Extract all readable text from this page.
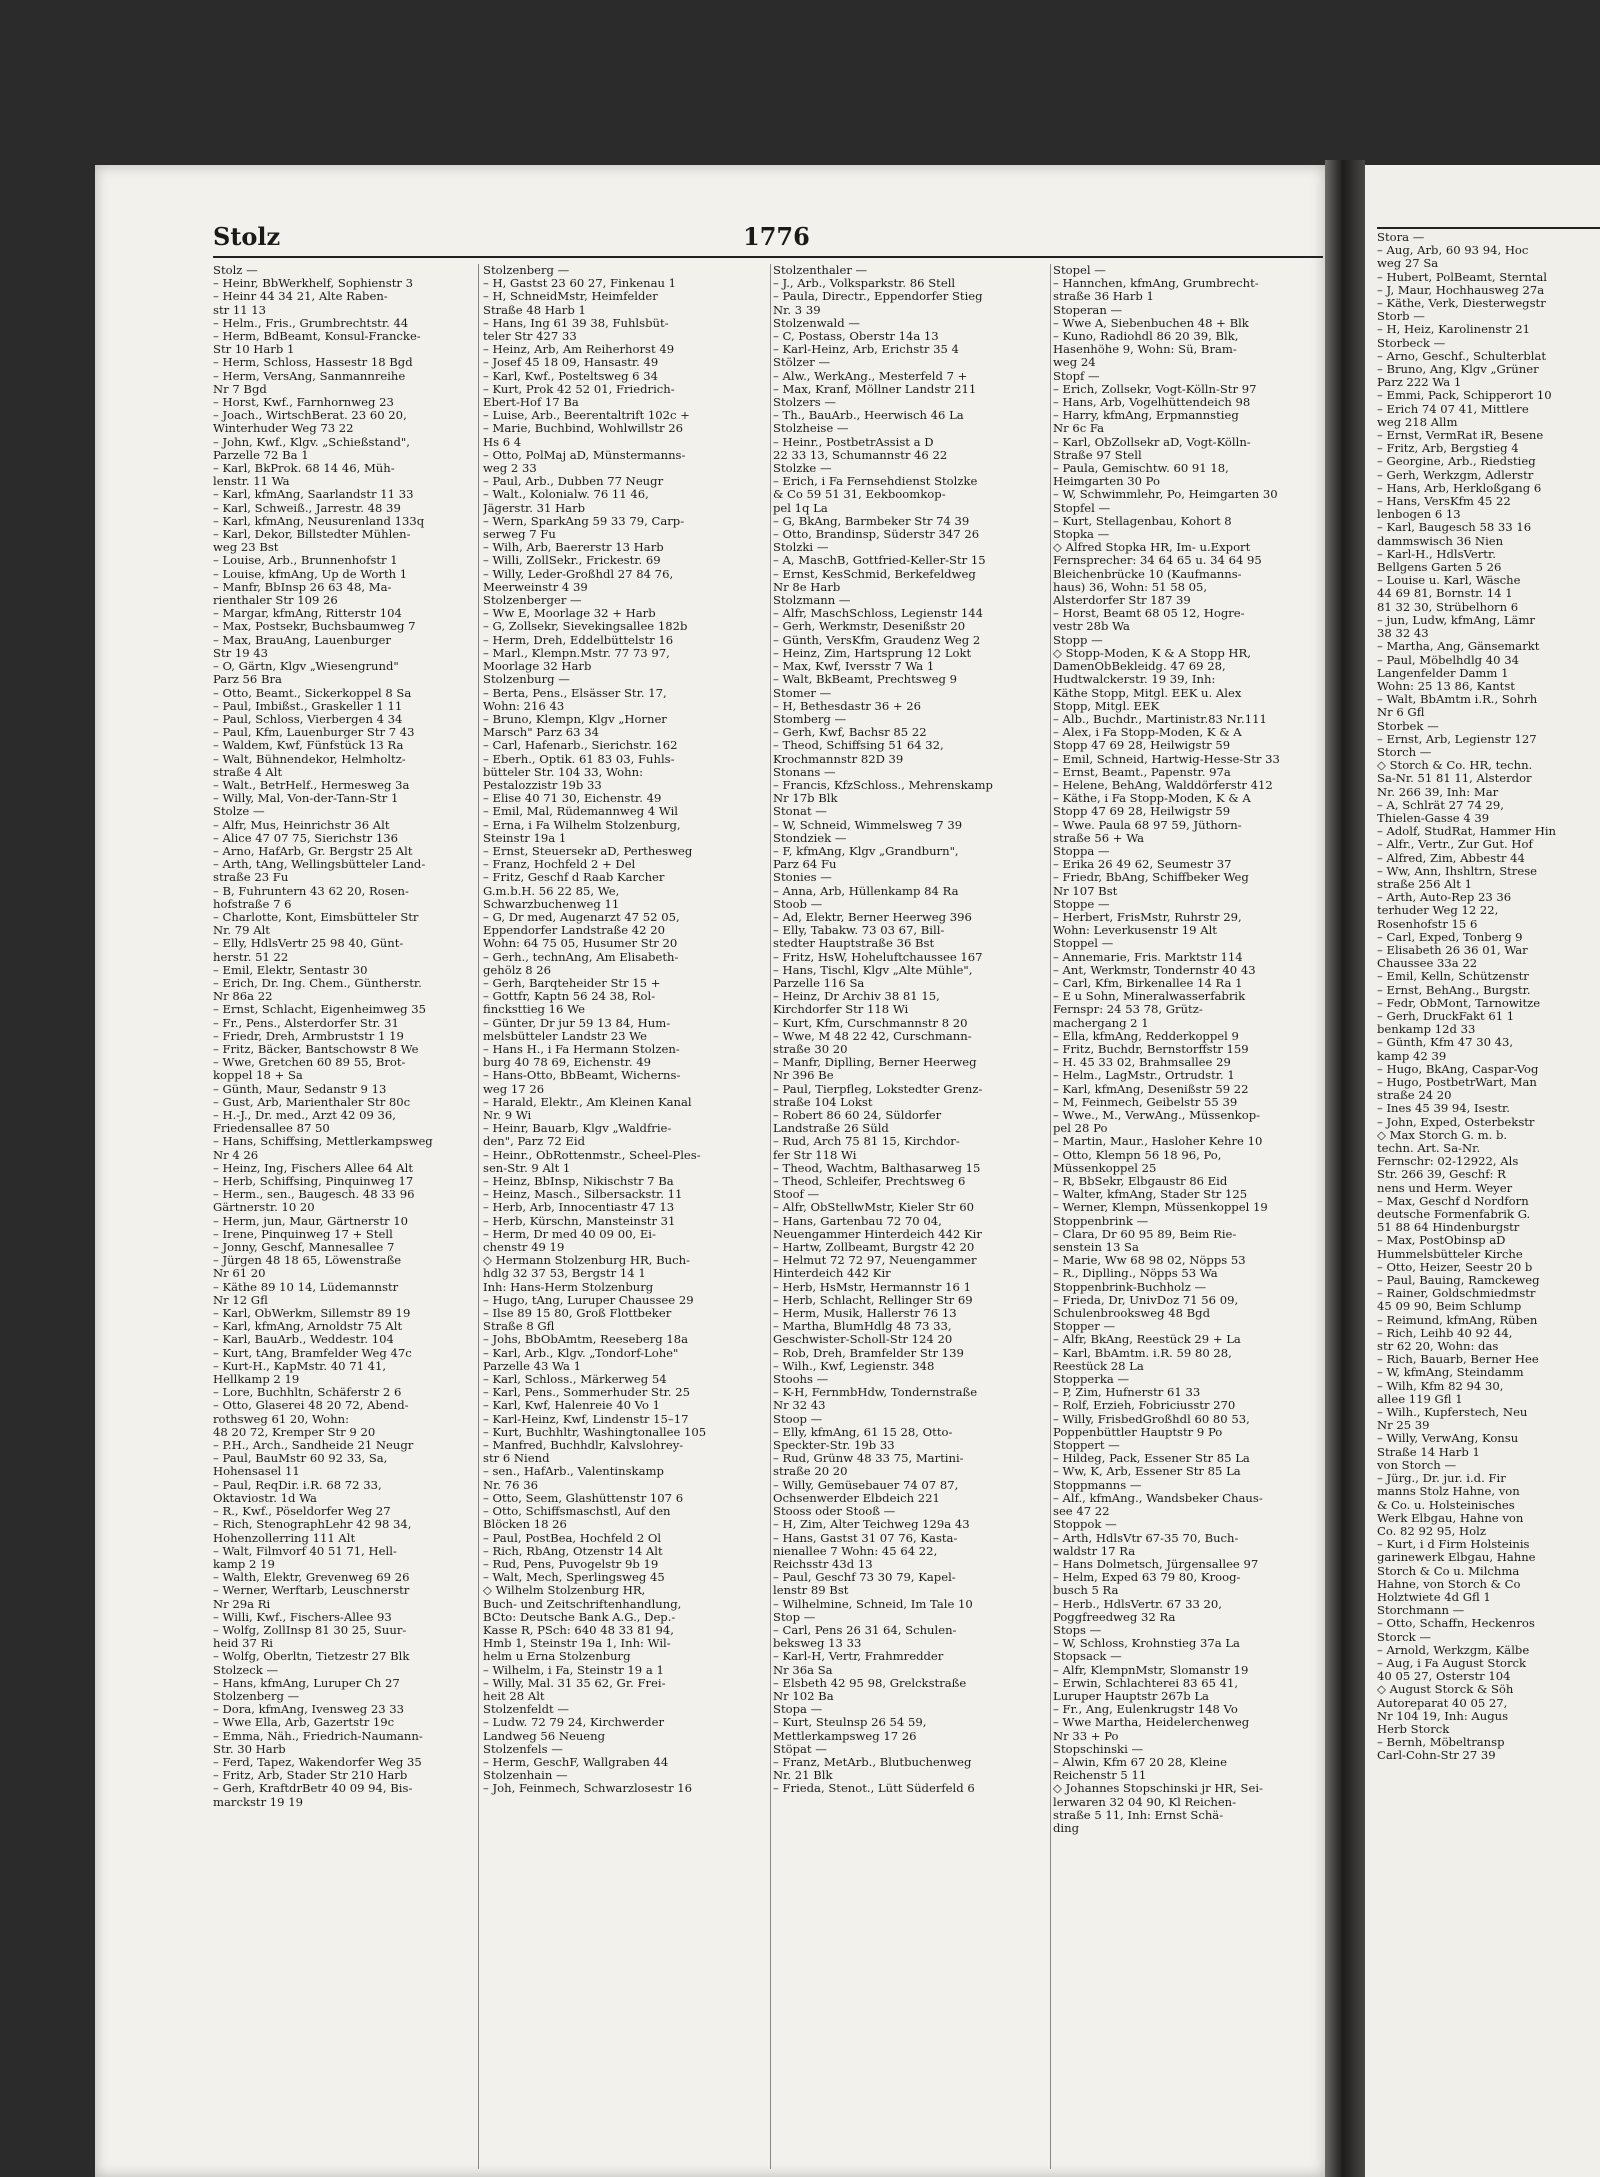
Stolz	1776
Stolz —
– Heinr, BbWerkhelf, Sophienstr 3
– Heinr 44 34 21, Alte Raben-
str 11 13
– Helm., Fris., Grumbrechtstr. 44
– Herm, BdBeamt, Konsul-Francke-
Str 10 Harb 1
– Herm, Schloss, Hassestr 18 Bgd
– Herm, VersAng, Sanmannreihe
Nr 7 Bgd
– Horst, Kwf., Farnhornweg 23
– Joach., WirtschBerat. 23 60 20,
Winterhuder Weg 73 22
– John, Kwf., Klgv. „Schießstand",
Parzelle 72 Ba 1
– Karl, BkProk. 68 14 46, Müh-
lenstr. 11 Wa
– Karl, kfmAng, Saarlandstr 11 33
– Karl, Schweiß., Jarrestr. 48 39
– Karl, kfmAng, Neusurenland 133q
– Karl, Dekor, Billstedter Mühlen-
weg 23 Bst
– Louise, Arb., Brunnenhofstr 1
– Louise, kfmAng, Up de Worth 1
– Manfr, BbInsp 26 63 48, Ma-
rienthaler Str 109 26
– Margar, kfmAng, Ritterstr 104
– Max, Postsekr, Buchsbaumweg 7
– Max, BrauAng, Lauenburger
Str 19 43
– O, Gärtn, Klgv „Wiesengrund"
Parz 56 Bra
– Otto, Beamt., Sickerkoppel 8 Sa
– Paul, Imbißst., Graskeller 1 11
– Paul, Schloss, Vierbergen 4 34
– Paul, Kfm, Lauenburger Str 7 43
– Waldem, Kwf, Fünfstück 13 Ra
– Walt, Bühnendekor, Helmholtz-
straße 4 Alt
– Walt., BetrHelf., Hermesweg 3a
– Willy, Mal, Von-der-Tann-Str 1
Stolze —
– Alfr, Mus, Heinrichstr 36 Alt
– Alice 47 07 75, Sierichstr 136
– Arno, HafArb, Gr. Bergstr 25 Alt
– Arth, tAng, Wellingsbütteler Land-
straße 23 Fu
– B, Fuhruntern 43 62 20, Rosen-
hofstraße 7 6
– Charlotte, Kont, Eimsbütteler Str
Nr. 79 Alt
– Elly, HdlsVertr 25 98 40, Günt-
herstr. 51 22
– Emil, Elektr, Sentastr 30
– Erich, Dr. Ing. Chem., Güntherstr.
Nr 86a 22
– Ernst, Schlacht, Eigenheimweg 35
– Fr., Pens., Alsterdorfer Str. 31
– Friedr, Dreh, Armbruststr 1 19
– Fritz, Bäcker, Bantschowstr 8 We
– Wwe, Gretchen 60 89 55, Brot-
koppel 18 + Sa
– Günth, Maur, Sedanstr 9 13
– Gust, Arb, Marienthaler Str 80c
– H.-J., Dr. med., Arzt 42 09 36,
Friedensallee 87 50
– Hans, Schiffsing, Mettlerkampsweg
Nr 4 26
– Heinz, Ing, Fischers Allee 64 Alt
– Herb, Schiffsing, Pinquinweg 17
– Herm., sen., Baugesch. 48 33 96
Gärtnerstr. 10 20
– Herm, jun, Maur, Gärtnerstr 10
– Irene, Pinquinweg 17 + Stell
– Jonny, Geschf, Mannesallee 7
– Jürgen 48 18 65, Löwenstraße
Nr 61 20
– Käthe 89 10 14, Lüdemannstr
Nr 12 Gfl
– Karl, ObWerkm, Sillemstr 89 19
– Karl, kfmAng, Arnoldstr 75 Alt
– Karl, BauArb., Weddestr. 104
– Kurt, tAng, Bramfelder Weg 47c
– Kurt-H., KapMstr. 40 71 41,
Hellkamp 2 19
– Lore, Buchhltn, Schäferstr 2 6
– Otto, Glaserei 48 20 72, Abend-
rothsweg 61 20, Wohn:
48 20 72, Kremper Str 9 20
– P.H., Arch., Sandheide 21 Neugr
– Paul, BauMstr 60 92 33, Sa,
Hohensasel 11
– Paul, ReqDir. i.R. 68 72 33,
Oktaviostr. 1d Wa
– R., Kwf., Pöseldorfer Weg 27
– Rich, StenographLehr 42 98 34,
Hohenzollerring 111 Alt
– Walt, Filmvorf 40 51 71, Hell-
kamp 2 19
– Walth, Elektr, Grevenweg 69 26
– Werner, Werftarb, Leuschnerstr
Nr 29a Ri
– Willi, Kwf., Fischers-Allee 93
– Wolfg, ZollInsp 81 30 25, Suur-
heid 37 Ri
– Wolfg, Oberltn, Tietzestr 27 Blk
Stolzeck —
– Hans, kfmAng, Luruper Ch 27
Stolzenberg —
– Dora, kfmAng, Ivensweg 23 33
– Wwe Ella, Arb, Gazertstr 19c
– Emma, Näh., Friedrich-Naumann-
Str. 30 Harb
– Ferd, Tapez, Wakendorfer Weg 35
– Fritz, Arb, Stader Str 210 Harb
– Gerh, KraftdrBetr 40 09 94, Bis-
marckstr 19 19
Stolzenberg —
– H, Gastst 23 60 27, Finkenau 1
– H, SchneidMstr, Heimfelder
Straße 48 Harb 1
– Hans, Ing 61 39 38, Fuhlsbüt-
teler Str 427 33
– Heinz, Arb, Am Reiherhorst 49
– Josef 45 18 09, Hansastr. 49
– Karl, Kwf., Posteltsweg 6 34
– Kurt, Prok 42 52 01, Friedrich-
Ebert-Hof 17 Ba
– Luise, Arb., Beerentaltrift 102c +
– Marie, Buchbind, Wohlwillstr 26
Hs 6 4
– Otto, PolMaj aD, Münstermanns-
weg 2 33
– Paul, Arb., Dubben 77 Neugr
– Walt., Kolonialw. 76 11 46,
Jägerstr. 31 Harb
– Wern, SparkAng 59 33 79, Carp-
serweg 7 Fu
– Wilh, Arb, Baererstr 13 Harb
– Willi, ZollSekr., Frickestr. 69
– Willy, Leder-Großhdl 27 84 76,
Meerweinstr 4 39
Stolzenberger —
– Ww E, Moorlage 32 + Harb
– G, Zollsekr, Sievekingsallee 182b
– Herm, Dreh, Eddelbüttelstr 16
– Marl., Klempn.Mstr. 77 73 97,
Moorlage 32 Harb
Stolzenburg —
– Berta, Pens., Elsässer Str. 17,
Wohn: 216 43
– Bruno, Klempn, Klgv „Horner
Marsch" Parz 63 34
– Carl, Hafenarb., Sierichstr. 162
– Eberh., Optik. 61 83 03, Fuhls-
bütteler Str. 104 33, Wohn:
Pestalozzistr 19b 33
– Elise 40 71 30, Eichenstr. 49
– Emil, Mal, Rüdemannweg 4 Wil
– Erna, i Fa Wilhelm Stolzenburg,
Steinstr 19a 1
– Ernst, Steuersekr aD, Perthesweg
– Franz, Hochfeld 2 + Del
– Fritz, Geschf d Raab Karcher
G.m.b.H. 56 22 85, We,
Schwarzbuchenweg 11
– G, Dr med, Augenarzt 47 52 05,
Eppendorfer Landstraße 42 20
Wohn: 64 75 05, Husumer Str 20
– Gerh., technAng, Am Elisabeth-
gehölz 8 26
– Gerh, Barqteheider Str 15 +
– Gottfr, Kaptn 56 24 38, Rol-
fincksttieg 16 We
– Günter, Dr jur 59 13 84, Hum-
melsbütteler Landstr 23 We
– Hans H., i Fa Hermann Stolzen-
burg 40 78 69, Eichenstr. 49
– Hans-Otto, BbBeamt, Wicherns-
weg 17 26
– Harald, Elektr., Am Kleinen Kanal
Nr. 9 Wi
– Heinr, Bauarb, Klgv „Waldfrie-
den", Parz 72 Eid
– Heinr., ObRottenmstr., Scheel-Ples-
sen-Str. 9 Alt 1
– Heinz, BbInsp, Nikischstr 7 Ba
– Heinz, Masch., Silbersackstr. 11
– Herb, Arb, Innocentiastr 47 13
– Herb, Kürschn, Mansteinstr 31
– Herm, Dr med 40 09 00, Ei-
chenstr 49 19
◇ Hermann Stolzenburg HR, Buch-
hdlg 32 37 53, Bergstr 14 1
Inh: Hans-Herm Stolzenburg
– Hugo, tAng, Luruper Chaussee 29
– Ilse 89 15 80, Groß Flottbeker
Straße 8 Gfl
– Johs, BbObAmtm, Reeseberg 18a
– Karl, Arb., Klgv. „Tondorf-Lohe"
Parzelle 43 Wa 1
– Karl, Schloss., Märkerweg 54
– Karl, Pens., Sommerhuder Str. 25
– Karl, Kwf, Halenreie 40 Vo 1
– Karl-Heinz, Kwf, Lindenstr 15–17
– Kurt, Buchhltr, Washingtonallee 105
– Manfred, Buchhdlr, Kalvslohrey-
str 6 Niend
– sen., HafArb., Valentinskamp
Nr. 76 36
– Otto, Seem, Glashüttenstr 107 6
– Otto, Schiffsmaschstl, Auf den
Blöcken 18 26
– Paul, PostBea, Hochfeld 2 Ol
– Rich, RbAng, Otzenstr 14 Alt
– Rud, Pens, Puvogelstr 9b 19
– Walt, Mech, Sperlingsweg 45
◇ Wilhelm Stolzenburg HR,
Buch- und Zeitschriftenhandlung,
BCto: Deutsche Bank A.G., Dep.-
Kasse R, PSch: 640 48 33 81 94,
Hmb 1, Steinstr 19a 1, Inh: Wil-
helm u Erna Stolzenburg
– Wilhelm, i Fa, Steinstr 19 a 1
– Willy, Mal. 31 35 62, Gr. Frei-
heit 28 Alt
Stolzenfeldt —
– Ludw. 72 79 24, Kirchwerder
Landweg 56 Neueng
Stolzenfels —
– Herm, GeschF, Wallgraben 44
Stolzenhain —
– Joh, Feinmech, Schwarzlosestr 16
Stolzenthaler —
– J., Arb., Volksparkstr. 86 Stell
– Paula, Directr., Eppendorfer Stieg
Nr. 3 39
Stolzenwald —
– C, Postass, Oberstr 14a 13
– Karl-Heinz, Arb, Erichstr 35 4
Stölzer —
– Alw., WerkAng., Mesterfeld 7 +
– Max, Kranf, Möllner Landstr 211
Stolzers —
– Th., BauArb., Heerwisch 46 La
Stolzheise —
– Heinr., PostbetrAssist a D
22 33 13, Schumannstr 46 22
Stolzke —
– Erich, i Fa Fernsehdienst Stolzke
& Co 59 51 31, Eekboomkop-
pel 1q La
– G, BkAng, Barmbeker Str 74 39
– Otto, Brandinsp, Süderstr 347 26
Stolzki —
– A, MaschB, Gottfried-Keller-Str 15
– Ernst, KesSchmid, Berkefeldweg
Nr 8e Harb
Stolzmann —
– Alfr, MaschSchloss, Legienstr 144
– Gerh, Werkmstr, Desenißstr 20
– Günth, VersKfm, Graudenz Weg 2
– Heinz, Zim, Hartsprung 12 Lokt
– Max, Kwf, Iversstr 7 Wa 1
– Walt, BkBeamt, Prechtsweg 9
Stomer —
– H, Bethesdastr 36 + 26
Stomberg —
– Gerh, Kwf, Bachsr 85 22
– Theod, Schiffsing 51 64 32,
Krochmannstr 82D 39
Stonans —
– Francis, KfzSchloss., Mehrenskamp
Nr 17b Blk
Stonat —
– W, Schneid, Wimmelsweg 7 39
Stondziek —
– F, kfmAng, Klgv „Grandburn",
Parz 64 Fu
Stonies —
– Anna, Arb, Hüllenkamp 84 Ra
Stoob —
– Ad, Elektr, Berner Heerweg 396
– Elly, Tabakw. 73 03 67, Bill-
stedter Hauptstraße 36 Bst
– Fritz, HsW, Hoheluftchaussee 167
– Hans, Tischl, Klgv „Alte Mühle",
Parzelle 116 Sa
– Heinz, Dr Archiv 38 81 15,
Kirchdorfer Str 118 Wi
– Kurt, Kfm, Curschmannstr 8 20
– Wwe, M 48 22 42, Curschmann-
straße 30 20
– Manfr, Diplling, Berner Heerweg
Nr 396 Be
– Paul, Tierpfleg, Lokstedter Grenz-
straße 104 Lokst
– Robert 86 60 24, Süldorfer
Landstraße 26 Süld
– Rud, Arch 75 81 15, Kirchdor-
fer Str 118 Wi
– Theod, Wachtm, Balthasarweg 15
– Theod, Schleifer, Prechtsweg 6
Stoof —
– Alfr, ObStellwMstr, Kieler Str 60
– Hans, Gartenbau 72 70 04,
Neuengammer Hinterdeich 442 Kir
– Hartw, Zollbeamt, Burgstr 42 20
– Helmut 72 72 97, Neuengammer
Hinterdeich 442 Kir
– Herb, HsMstr, Hermannstr 16 1
– Herb, Schlacht, Rellinger Str 69
– Herm, Musik, Hallerstr 76 13
– Martha, BlumHdlg 48 73 33,
Geschwister-Scholl-Str 124 20
– Rob, Dreh, Bramfelder Str 139
– Wilh., Kwf, Legienstr. 348
Stoohs —
– K-H, FernmbHdw, Tondernstraße
Nr 32 43
Stoop —
– Elly, kfmAng, 61 15 28, Otto-
Speckter-Str. 19b 33
– Rud, Grünw 48 33 75, Martini-
straße 20 20
– Willy, Gemüsebauer 74 07 87,
Ochsenwerder Elbdeich 221
Stooss oder Stooß —
– H, Zim, Alter Teichweg 129a 43
– Hans, Gastst 31 07 76, Kasta-
nienallee 7 Wohn: 45 64 22,
Reichsstr 43d 13
– Paul, Geschf 73 30 79, Kapel-
lenstr 89 Bst
– Wilhelmine, Schneid, Im Tale 10
Stop —
– Carl, Pens 26 31 64, Schulen-
beksweg 13 33
– Karl-H, Vertr, Frahmredder
Nr 36a Sa
– Elsbeth 42 95 98, Grelckstraße
Nr 102 Ba
Stopa —
– Kurt, Steulnsp 26 54 59,
Mettlerkampsweg 17 26
Stöpat —
– Franz, MetArb., Blutbuchenweg
Nr. 21 Blk
– Frieda, Stenot., Lütt Süderfeld 6
Stopel —
– Hannchen, kfmAng, Grumbrecht-
straße 36 Harb 1
Stoperan —
– Wwe A, Siebenbuchen 48 + Blk
– Kuno, Radiohdl 86 20 39, Blk,
Hasenhöhe 9, Wohn: Sü, Bram-
weg 24
Stopf —
– Erich, Zollsekr, Vogt-Kölln-Str 97
– Hans, Arb, Vogelhüttendeich 98
– Harry, kfmAng, Erpmannstieg
Nr 6c Fa
– Karl, ObZollsekr aD, Vogt-Kölln-
Straße 97 Stell
– Paula, Gemischtw. 60 91 18,
Heimgarten 30 Po
– W, Schwimmlehr, Po, Heimgarten 30
Stopfel —
– Kurt, Stellagenbau, Kohort 8
Stopka —
◇ Alfred Stopka HR, Im- u.Export
Fernsprecher: 34 64 65 u. 34 64 95
Bleichenbrücke 10 (Kaufmanns-
haus) 36, Wohn: 51 58 05,
Alsterdorfer Str 187 39
– Horst, Beamt 68 05 12, Hogre-
vestr 28b Wa
Stopp —
◇ Stopp-Moden, K & A Stopp HR,
DamenObBekleidg. 47 69 28,
Hudtwalckerstr. 19 39, Inh:
Käthe Stopp, Mitgl. EEK u. Alex
Stopp, Mitgl. EEK
– Alb., Buchdr., Martinistr.83 Nr.111
– Alex, i Fa Stopp-Moden, K & A
Stopp 47 69 28, Heilwigstr 59
– Emil, Schneid, Hartwig-Hesse-Str 33
– Ernst, Beamt., Papenstr. 97a
– Helene, BehAng, Walddörferstr 412
– Käthe, i Fa Stopp-Moden, K & A
Stopp 47 69 28, Heilwigstr 59
– Wwe. Paula 68 97 59, Jüthorn-
straße 56 + Wa
Stoppa —
– Erika 26 49 62, Seumestr 37
– Friedr, BbAng, Schiffbeker Weg
Nr 107 Bst
Stoppe —
– Herbert, FrisMstr, Ruhrstr 29,
Wohn: Leverkusenstr 19 Alt
Stoppel —
– Annemarie, Fris. Marktstr 114
– Ant, Werkmstr, Tondernstr 40 43
– Carl, Kfm, Birkenallee 14 Ra 1
– E u Sohn, Mineralwasserfabrik
Fernspr: 24 53 78, Grütz-
machergang 2 1
– Ella, kfmAng, Redderkoppel 9
– Fritz, Buchdr, Bernstorffstr 159
– H. 45 33 02, Brahmsallee 29
– Helm., LagMstr., Ortrudstr. 1
– Karl, kfmAng, Desenißstr 59 22
– M, Feinmech, Geibelstr 55 39
– Wwe., M., VerwAng., Müssenkop-
pel 28 Po
– Martin, Maur., Hasloher Kehre 10
– Otto, Klempn 56 18 96, Po,
Müssenkoppel 25
– R, BbSekr, Elbgaustr 86 Eid
– Walter, kfmAng, Stader Str 125
– Werner, Klempn, Müssenkoppel 19
Stoppenbrink —
– Clara, Dr 60 95 89, Beim Rie-
senstein 13 Sa
– Marie, Ww 68 98 02, Nöpps 53
– R., Diplling., Nöpps 53 Wa
Stoppenbrink-Buchholz —
– Frieda, Dr, UnivDoz 71 56 09,
Schulenbrooksweg 48 Bgd
Stopper —
– Alfr, BkAng, Reestück 29 + La
– Karl, BbAmtm. i.R. 59 80 28,
Reestück 28 La
Stopperka —
– P, Zim, Hufnerstr 61 33
– Rolf, Erzieh, Fobriciusstr 270
– Willy, FrisbedGroßhdl 60 80 53,
Poppenbüttler Hauptstr 9 Po
Stoppert —
– Hildeg, Pack, Essener Str 85 La
– Ww, K, Arb, Essener Str 85 La
Stoppmanns —
– Alf., kfmAng., Wandsbeker Chaus-
see 47 22
Stoppok —
– Arth, HdlsVtr 67-35 70, Buch-
waldstr 17 Ra
– Hans Dolmetsch, Jürgensallee 97
– Helm, Exped 63 79 80, Kroog-
busch 5 Ra
– Herb., HdlsVertr. 67 33 20,
Poggfreedweg 32 Ra
Stops —
– W, Schloss, Krohnstieg 37a La
Stopsack —
– Alfr, KlempnMstr, Slomanstr 19
– Erwin, Schlachterei 83 65 41,
Luruper Hauptstr 267b La
– Fr., Ang, Eulenkrugstr 148 Vo
– Wwe Martha, Heidelerchenweg
Nr 33 + Po
Stopschinski —
– Alwin, Kfm 67 20 28, Kleine
Reichenstr 5 11
◇ Johannes Stopschinski jr HR, Sei-
lerwaren 32 04 90, Kl Reichen-
straße 5 11, Inh: Ernst Schä-
ding
Stora —
– Aug, Arb, 60 93 94, Hoc
weg 27 Sa
– Hubert, PolBeamt, Sterntal
– J, Maur, Hochhausweg 27a
– Käthe, Verk, Diesterwegstr
Storb —
– H, Heiz, Karolinenstr 21
Storbeck —
– Arno, Geschf., Schulterblat
– Bruno, Ang, Klgv „Grüner
Parz 222 Wa 1
– Emmi, Pack, Schipperort 10
– Erich 74 07 41, Mittlere
weg 218 Allm
– Ernst, VermRat iR, Besene
– Fritz, Arb, Bergstieg 4
– Georgine, Arb., Riedstieg
– Gerh, Werkzgm, Adlerstr
– Hans, Arb, Herkloßgang 6
– Hans, VersKfm 45 22
lenbogen 6 13
– Karl, Baugesch 58 33 16
dammswisch 36 Nien
– Karl-H., HdlsVertr.
Bellgens Garten 5 26
– Louise u. Karl, Wäsche
44 69 81, Bornstr. 14 1
81 32 30, Strübelhorn 6
– jun, Ludw, kfmAng, Lämr
38 32 43
– Martha, Ang, Gänsemarkt
– Paul, Möbelhdlg 40 34
Langenfelder Damm 1
Wohn: 25 13 86, Kantst
– Walt, BbAmtm i.R., Sohrh
Nr 6 Gfl
Storbek —
– Ernst, Arb, Legienstr 127
Storch —
◇ Storch & Co. HR, techn.
Sa-Nr. 51 81 11, Alsterdor
Nr. 266 39, Inh: Mar
– A, Schlrät 27 74 29,
Thielen-Gasse 4 39
– Adolf, StudRat, Hammer Hin
– Alfr., Vertr., Zur Gut. Hof
– Alfred, Zim, Abbestr 44
– Ww, Ann, Ihshltrn, Strese
straße 256 Alt 1
– Arth, Auto-Rep 23 36
terhuder Weg 12 22,
Rosenhofstr 15 6
– Carl, Exped, Tonberg 9
– Elisabeth 26 36 01, War
Chaussee 33a 22
– Emil, Kelln, Schützenstr
– Ernst, BehAng., Burgstr.
– Fedr, ObMont, Tarnowitze
– Gerh, DruckFakt 61 1
benkamp 12d 33
– Günth, Kfm 47 30 43,
kamp 42 39
– Hugo, BkAng, Caspar-Vog
– Hugo, PostbetrWart, Man
straße 24 20
– Ines 45 39 94, Isestr.
– John, Exped, Osterbekstr
◇ Max Storch G. m. b.
techn. Art. Sa-Nr.
Fernschr: 02-12922, Als
Str. 266 39, Geschf: R
nens und Herm. Weyer
– Max, Geschf d Nordforn
deutsche Formenfabrik G.
51 88 64 Hindenburgstr
– Max, PostObinsp aD
Hummelsbütteler Kirche
– Otto, Heizer, Seestr 20 b
– Paul, Bauing, Ramckeweg
– Rainer, Goldschmiedmstr
45 09 90, Beim Schlump
– Reimund, kfmAng, Rüben
– Rich, Leihb 40 92 44,
str 62 20, Wohn: das
– Rich, Bauarb, Berner Hee
– W, kfmAng, Steindamm
– Wilh, Kfm 82 94 30,
allee 119 Gfl 1
– Wilh., Kupferstech, Neu
Nr 25 39
– Willy, VerwAng, Konsu
Straße 14 Harb 1
von Storch —
– Jürg., Dr. jur. i.d. Fir
manns Stolz Hahne, von
& Co. u. Holsteinisches
Werk Elbgau, Hahne von
Co. 82 92 95, Holz
– Kurt, i d Firm Holsteinis
garinewerk Elbgau, Hahne
Storch & Co u. Milchma
Hahne, von Storch & Co
Holztwiete 4d Gfl 1
Storchmann —
– Otto, Schaffn, Heckenros
Storck —
– Arnold, Werkzgm, Kälbe
– Aug, i Fa August Storck
40 05 27, Osterstr 104
◇ August Storck & Söh
Autoreparat 40 05 27,
Nr 104 19, Inh: Augus
Herb Storck
– Bernh, Möbeltransp
Carl-Cohn-Str 27 39
